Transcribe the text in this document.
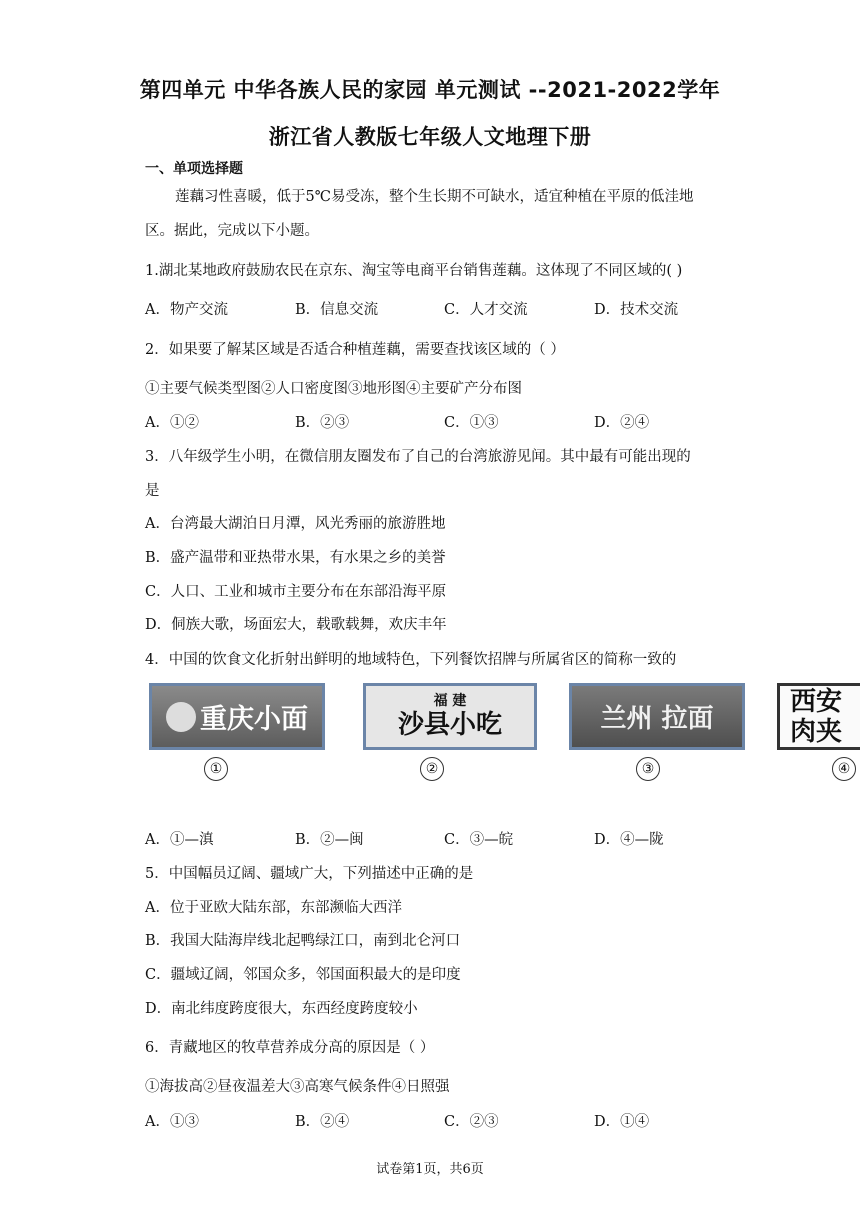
第四单元 中华各族人民的家园 单元测试 --2021-2022学年
浙江省人教版七年级人文地理下册
一、单项选择题
莲藕习性喜暖，低于5℃易受冻，整个生长期不可缺水，适宜种植在平原的低洼地
区。据此，完成以下小题。
1.湖北某地政府鼓励农民在京东、淘宝等电商平台销售莲藕。这体现了不同区域的( )
A．物产交流	B．信息交流	C．人才交流	D．技术交流
2．如果要了解某区域是否适合种植莲藕，需要查找该区域的（ ）
①主要气候类型图②人口密度图③地形图④主要矿产分布图
A．①②	B．②③	C．①③	D．②④
3．八年级学生小明，在微信朋友圈发布了自己的台湾旅游见闻。其中最有可能出现的
是
A．台湾最大湖泊日月潭，风光秀丽的旅游胜地
B．盛产温带和亚热带水果，有水果之乡的美誉
C．人口、工业和城市主要分布在东部沿海平原
D．侗族大歌，场面宏大，载歌载舞，欢庆丰年
4．中国的饮食文化折射出鲜明的地域特色，下列餐饮招牌与所属省区的简称一致的
重庆小面
福 建
沙县小吃	兰州 拉面
西安
肉夹
①	②	③	④
A．①—滇	B．②—闽	C．③—皖	D．④—陇
5．中国幅员辽阔、疆域广大，下列描述中正确的是
A．位于亚欧大陆东部，东部濒临大西洋
B．我国大陆海岸线北起鸭绿江口，南到北仑河口
C．疆域辽阔，邻国众多，邻国面积最大的是印度
D．南北纬度跨度很大，东西经度跨度较小
6．青藏地区的牧草营养成分高的原因是（ ）
①海拔高②昼夜温差大③高寒气候条件④日照强
A．①③	B．②④	C．②③	D．①④
试卷第1页，共6页
